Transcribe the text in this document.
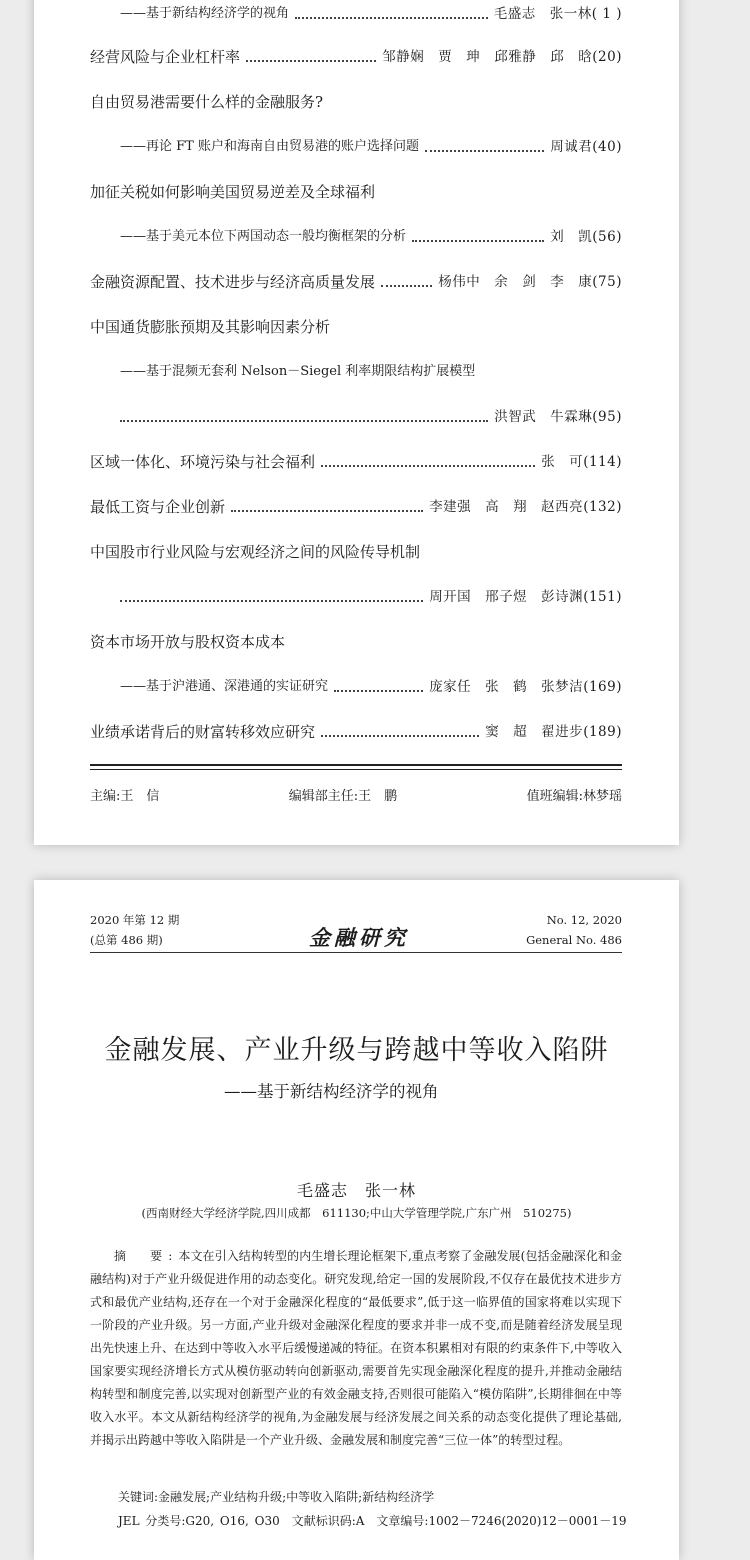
——基于新结构经济学的视角	毛盛志　张一林 ( 1 )
经营风险与企业杠杆率	邹静娴　贾　珅　邱雅静　邱　晗 (20)
自由贸易港需要什么样的金融服务?
——再论 FT 账户和海南自由贸易港的账户选择问题	周诚君 (40)
加征关税如何影响美国贸易逆差及全球福利
——基于美元本位下两国动态一般均衡框架的分析	刘　凯 (56)
金融资源配置、技术进步与经济高质量发展	杨伟中　余　剑　李　康 (75)
中国通货膨胀预期及其影响因素分析
——基于混频无套利 Nelson－Siegel 利率期限结构扩展模型
洪智武　牛霖琳 (95)
区域一体化、环境污染与社会福利	张　可 (114)
最低工资与企业创新	李建强　高　翔　赵西亮 (132)
中国股市行业风险与宏观经济之间的风险传导机制
周开国　邢子煜　彭诗渊 (151)
资本市场开放与股权资本成本
——基于沪港通、深港通的实证研究	庞家任　张　鹤　张梦洁 (169)
业绩承诺背后的财富转移效应研究	窦　超　翟进步 (189)
主编:王　信	编辑部主任:王　鹏	值班编辑:林梦瑶
2020 年第 12 期
(总第 486 期)	金融研究
No. 12, 2020
General No. 486
金融发展、产业升级与跨越中等收入陷阱
——基于新结构经济学的视角
毛盛志　张一林
(西南财经大学经济学院,四川成都　611130;中山大学管理学院,广东广州　510275)
摘　要:本文在引入结构转型的内生增长理论框架下,重点考察了金融发展(包括金融深化和金融结构)对于产业升级促进作用的动态变化。研究发现,给定一国的发展阶段,不仅存在最优技术进步方式和最优产业结构,还存在一个对于金融深化程度的“最低要求”,低于这一临界值的国家将难以实现下一阶段的产业升级。另一方面,产业升级对金融深化程度的要求并非一成不变,而是随着经济发展呈现出先快速上升、在达到中等收入水平后缓慢递减的特征。在资本积累相对有限的约束条件下,中等收入国家要实现经济增长方式从模仿驱动转向创新驱动,需要首先实现金融深化程度的提升,并推动金融结构转型和制度完善,以实现对创新型产业的有效金融支持,否则很可能陷入“模仿陷阱”,长期徘徊在中等收入水平。本文从新结构经济学的视角,为金融发展与经济发展之间关系的动态变化提供了理论基础,并揭示出跨越中等收入陷阱是一个产业升级、金融发展和制度完善“三位一体”的转型过程。
关键词:金融发展;产业结构升级;中等收入陷阱;新结构经济学
JEL 分类号:G20, O16, O30　文献标识码:A　文章编号:1002－7246(2020)12－0001－19
